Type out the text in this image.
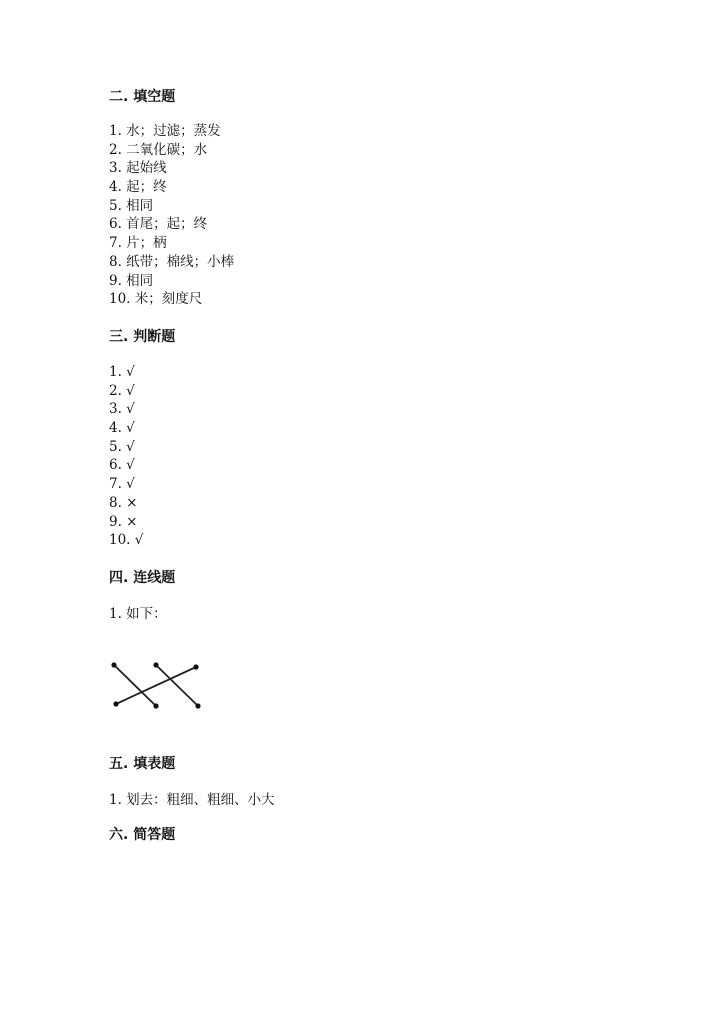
二. 填空题
1. 水；过滤；蒸发
2. 二氧化碳；水
3. 起始线
4. 起；终
5. 相同
6. 首尾；起；终
7. 片；柄
8. 纸带；棉线；小棒
9. 相同
10. 米；刻度尺
三. 判断题
1. √
2. √
3. √
4. √
5. √
6. √
7. √
8. ×
9. ×
10. √
四. 连线题

1. 如下：

五. 填表题

1. 划去：粗细、粗细、小大

六. 简答题
